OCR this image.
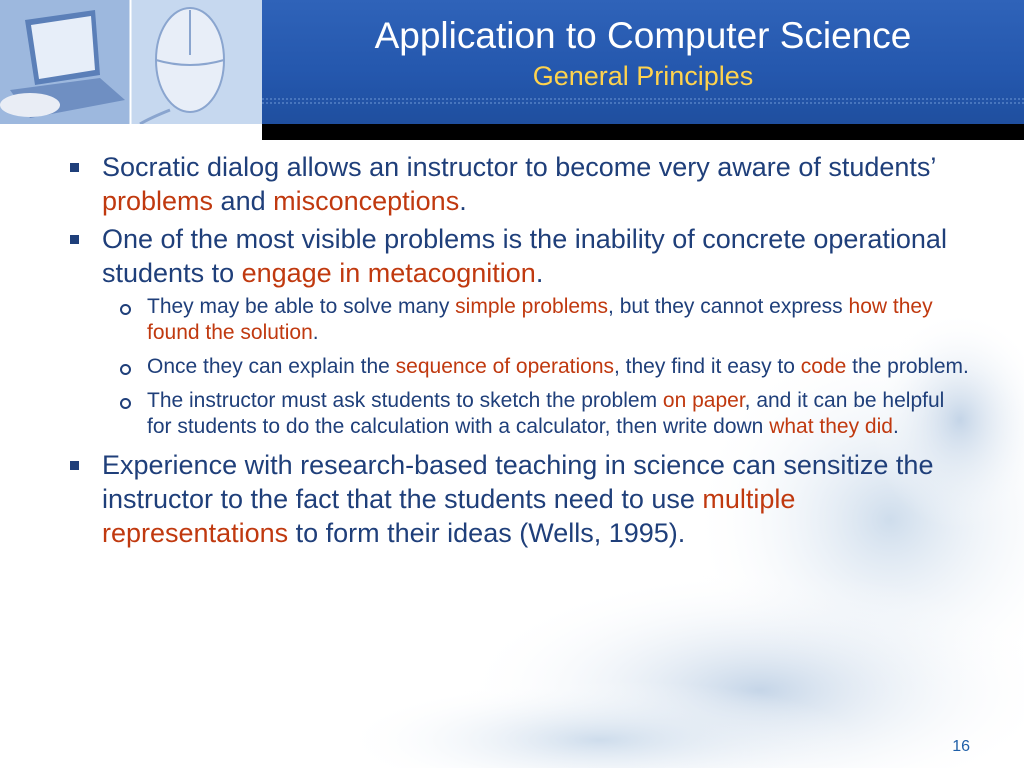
Application to Computer Science
General Principles
Socratic dialog allows an instructor to become very aware of students’ problems and misconceptions.
One of the most visible problems is the inability of concrete operational students to engage in metacognition.
They may be able to solve many simple problems, but they cannot express how they found the solution.
Once they can explain the sequence of operations, they find it easy to code the problem.
The instructor must ask students to sketch the problem on paper, and it can be helpful for students to do the calculation with a calculator, then write down what they did.
Experience with research-based teaching in science can sensitize the instructor to the fact that the students need to use multiple representations to form their ideas (Wells, 1995).
16
